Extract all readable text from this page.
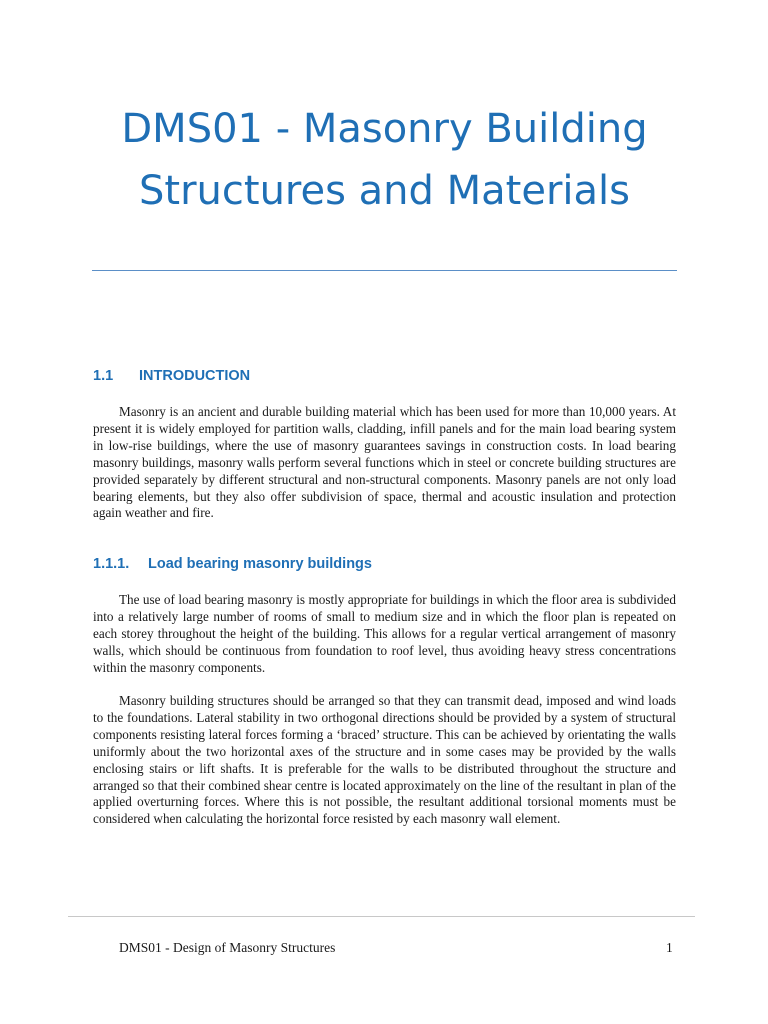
DMS01 - Masonry Building Structures and Materials
1.1 INTRODUCTION

Masonry is an ancient and durable building material which has been used for more than 10,000 years. At present it is widely employed for partition walls, cladding, infill panels and for the main load bearing system in low-rise buildings, where the use of masonry guarantees savings in construction costs. In load bearing masonry buildings, masonry walls perform several functions which in steel or concrete building structures are provided separately by different structural and non-structural components. Masonry panels are not only load bearing elements, but they also offer subdivision of space, thermal and acoustic insulation and protection again weather and fire.

1.1.1. Load bearing masonry buildings

The use of load bearing masonry is mostly appropriate for buildings in which the floor area is subdivided into a relatively large number of rooms of small to medium size and in which the floor plan is repeated on each storey throughout the height of the building. This allows for a regular vertical arrangement of masonry walls, which should be continuous from foundation to roof level, thus avoiding heavy stress concentrations within the masonry components.

Masonry building structures should be arranged so that they can transmit dead, imposed and wind loads to the foundations. Lateral stability in two orthogonal directions should be provided by a system of structural components resisting lateral forces forming a ‘braced’ structure. This can be achieved by orientating the walls uniformly about the two horizontal axes of the structure and in some cases may be provided by the walls enclosing stairs or lift shafts. It is preferable for the walls to be distributed throughout the structure and arranged so that their combined shear centre is located approximately on the line of the resultant in plan of the applied overturning forces. Where this is not possible, the resultant additional torsional moments must be considered when calculating the horizontal force resisted by each masonry wall element.

DMS01 - Design of Masonry Structures	1
